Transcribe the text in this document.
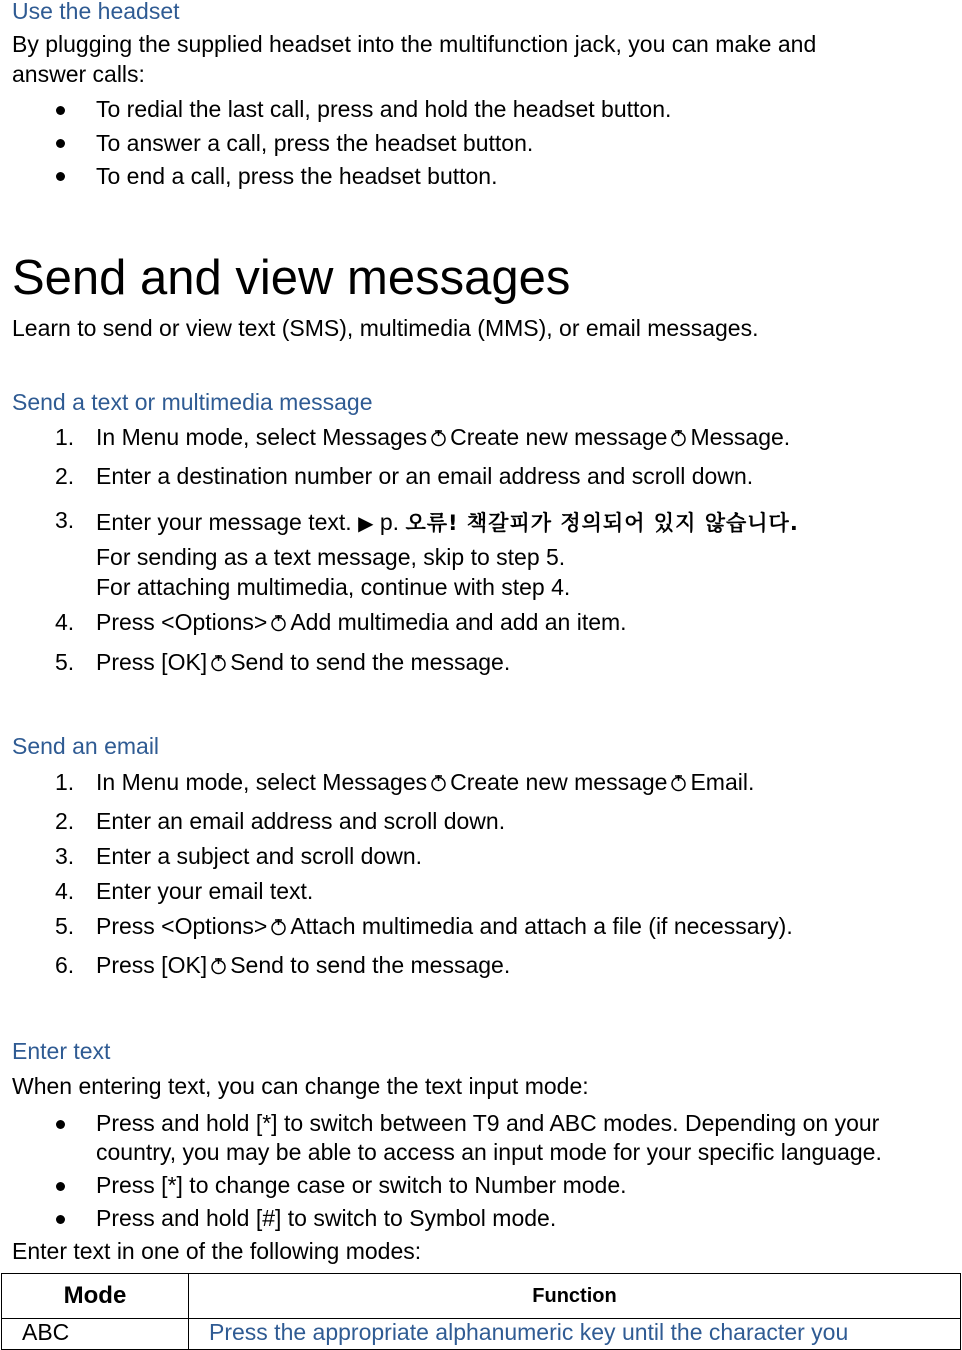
Use the headset
By plugging the supplied headset into the multifunction jack, you can make and
answer calls:
To redial the last call, press and hold the headset button.
To answer a call, press the headset button.
To end a call, press the headset button.
Send and view messages
Learn to send or view text (SMS), multimedia (MMS), or email messages.
Send a text or multimedia message
1. In Menu mode, select Messages Create new message Message.
2. Enter a destination number or an email address and scroll down.
3. Enter your message text. ▶ p. 오류! 책갈피가 정의되어 있지 않습니다.
For sending as a text message, skip to step 5.
For attaching multimedia, continue with step 4.
4. Press <Options> Add multimedia and add an item.
5. Press [OK] Send to send the message.
Send an email
1. In Menu mode, select Messages Create new message Email.
2. Enter an email address and scroll down.
3. Enter a subject and scroll down.
4. Enter your email text.
5. Press <Options> Attach multimedia and attach a file (if necessary).
6. Press [OK] Send to send the message.
Enter text
When entering text, you can change the text input mode:
Press and hold [*] to switch between T9 and ABC modes. Depending on your
country, you may be able to access an input mode for your specific language.
Press [*] to change case or switch to Number mode.
Press and hold [#] to switch to Symbol mode.
Enter text in one of the following modes:
Mode	Function
ABC	Press the appropriate alphanumeric key until the character you
